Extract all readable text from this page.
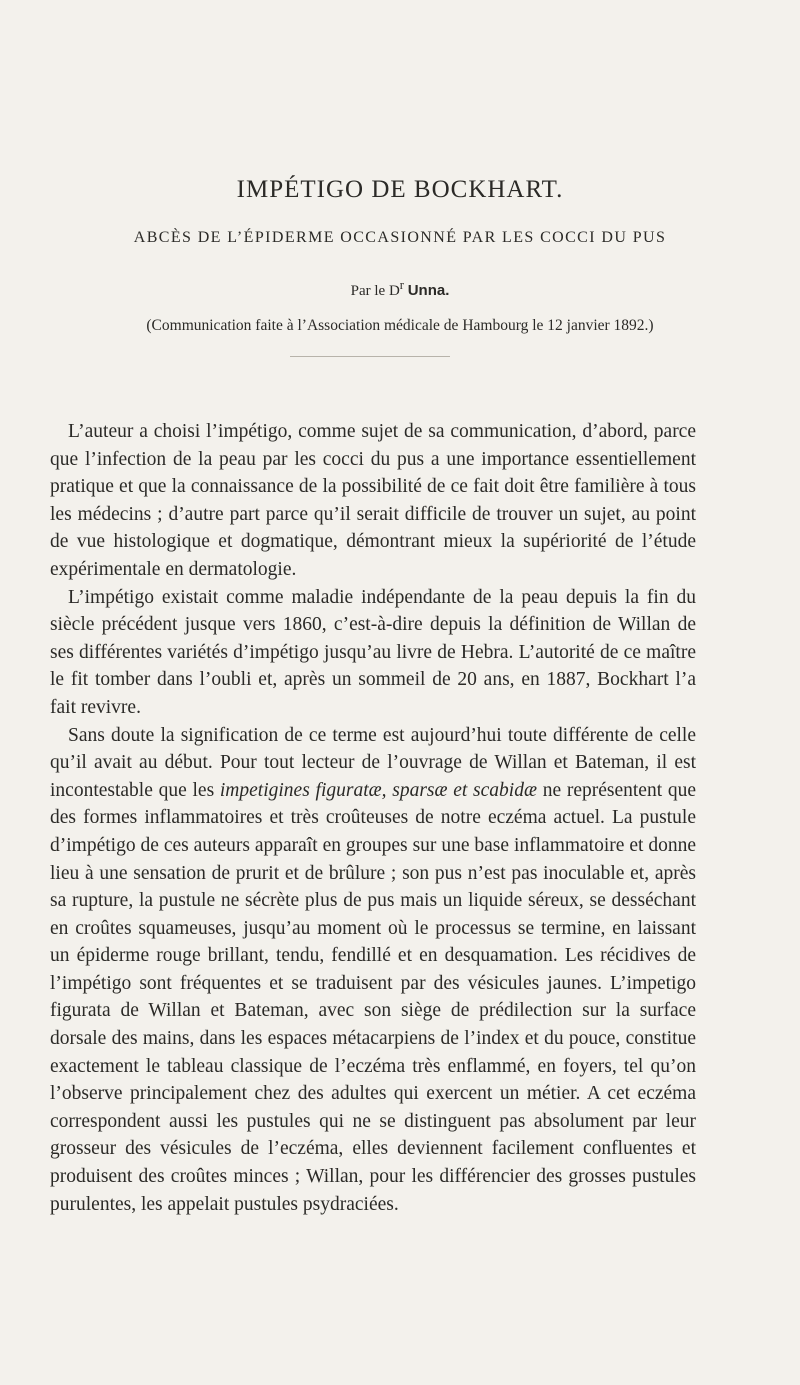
IMPÉTIGO DE BOCKHART.
ABCÈS DE L’ÉPIDERME OCCASIONNÉ PAR LES COCCI DU PUS
Par le $D^r$ Unna.
(Communication faite à l’Association médicale de Hambourg le 12 janvier 1892.)

L’auteur a choisi l’impétigo, comme sujet de sa communication, d’abord, parce que l’infection de la peau par les cocci du pus a une importance essentiellement pratique et que la connaissance de la possibilité de ce fait doit être familière à tous les médecins ; d’autre part parce qu’il serait difficile de trouver un sujet, au point de vue histologique et dogmatique, démontrant mieux la supériorité de l’étude expérimentale en dermatologie.

L’impétigo existait comme maladie indépendante de la peau depuis la fin du siècle précédent jusque vers 1860, c’est-à-dire depuis la définition de Willan de ses différentes variétés d’impétigo jusqu’au livre de Hebra. L’autorité de ce maître le fit tomber dans l’oubli et, après un sommeil de 20 ans, en 1887, Bockhart l’a fait revivre.

Sans doute la signification de ce terme est aujourd’hui toute différente de celle qu’il avait au début. Pour tout lecteur de l’ouvrage de Willan et Bateman, il est incontestable que les impetigines figuratæ, sparsæ et scabidæ ne représentent que des formes inflammatoires et très croûteuses de notre eczéma actuel. La pustule d’impétigo de ces auteurs apparaît en groupes sur une base inflammatoire et donne lieu à une sensation de prurit et de brûlure ; son pus n’est pas inoculable et, après sa rupture, la pustule ne sécrète plus de pus mais un liquide séreux, se desséchant en croûtes squameuses, jusqu’au moment où le processus se termine, en laissant un épiderme rouge brillant, tendu, fendillé et en desquamation. Les récidives de l’impétigo sont fréquentes et se traduisent par des vésicules jaunes. L’impetigo figurata de Willan et Bateman, avec son siège de prédilection sur la surface dorsale des mains, dans les espaces métacarpiens de l’index et du pouce, constitue exactement le tableau classique de l’eczéma très enflammé, en foyers, tel qu’on l’observe principalement chez des adultes qui exercent un métier. A cet eczéma correspondent aussi les pustules qui ne se distinguent pas absolument par leur grosseur des vésicules de l’eczéma, elles deviennent facilement confluentes et produisent des croûtes minces ; Willan, pour les différencier des grosses pustules purulentes, les appelait pustules psydraciées.
